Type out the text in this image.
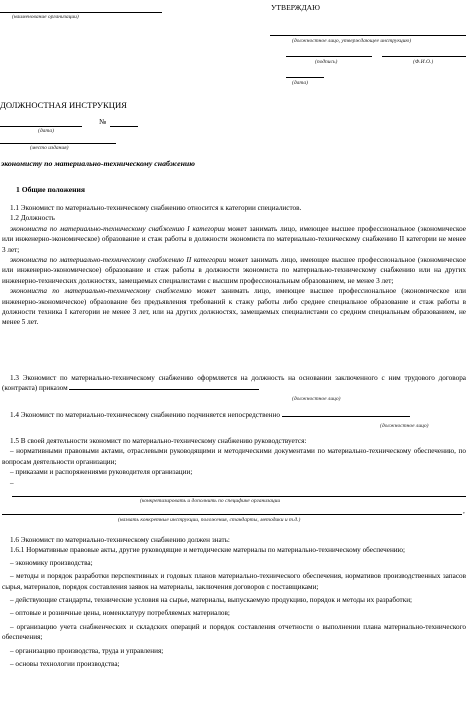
(наименование организации)
УТВЕРЖДАЮ
(должностное лицо, утверждающее инструкцию)
(подпись)	(Ф.И.О.)
(дата)
ДОЛЖНОСТНАЯ ИНСТРУКЦИЯ
№
(дата)
(место издания)
экономисту по материально-техническому снабжению
1 Общие положения

1.1 Экономист по материально-техническому снабжению относится к категории специалистов.

1.2 Должность

экономиста по материально-техническому снабжению I категории может занимать лицо, имеющее высшее профессиональное (экономическое или инженерно-экономическое) образование и стаж работы в должности экономиста по материально-техническому снабжению II категории не менее 3 лет;

экономиста по материально-техническому снабжению II категории может занимать лицо, имеющее высшее профессиональное (экономическое или инженерно-экономическое) образование и стаж работы в должности экономиста по материально-техническому снабжению или на других инженерно-технических должностях, замещаемых специалистами с высшим профессиональным образованием, не менее 3 лет;

экономиста по материально-техническому снабжению может занимать лицо, имеющее высшее профессиональное (экономическое или инженерно-экономическое) образование без предъявления требований к стажу работы либо среднее специальное образование и стаж работы в должности техника I категории не менее 3 лет, или на других должностях, замещаемых специалистами со средним специальным образованием, не менее 5 лет.

1.3 Экономист по материально-техническому снабжению оформляется на должность на основании заключенного с ним трудового договора (контракта) приказом

(должностное лицо)

1.4 Экономист по материально-техническому снабжению подчиняется непосредственно

(должностное лицо)

1.5 В своей деятельности экономист по материально-техническому снабжению руководствуется:

– нормативными правовыми актами, отраслевыми руководящими и методическими документами по материально-техническому обеспечению, по вопросам деятельности организации;

– приказами и распоряжениями руководителя организации;

–

(конкретизировать и дополнить по специфике организации
,
(назвать конкретные инструкции, положения, стандарты, методики и т.д.)

1.6 Экономист по материально-техническому снабжению должен знать:

1.6.1 Нормативные правовые акты, другие руководящие и методические материалы по материально-техническому обеспечению;

– экономику производства;

– методы и порядок разработки перспективных и годовых планов материально-технического обеспечения, нормативов производственных запасов сырья, материалов, порядок составления заявок на материалы, заключения договоров с поставщиками;

– действующие стандарты, технические условия на сырье, материалы, выпускаемую продукцию, порядок и методы их разработки;

– оптовые и розничные цены, номенклатуру потребляемых материалов;

– организацию учета снабженческих и складских операций и порядок составления отчетности о выполнении плана материально-технического обеспечения;

– организацию производства, труда и управления;

– основы технологии производства;
